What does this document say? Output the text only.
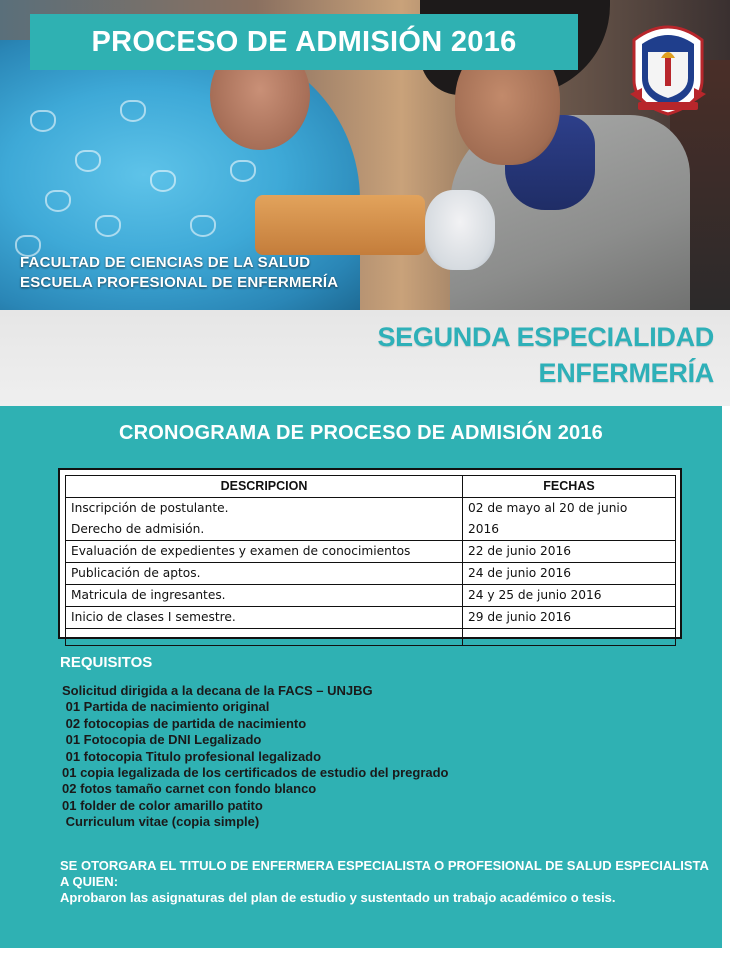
PROCESO DE ADMISIÓN 2016
FACULTAD DE CIENCIAS DE LA SALUD
ESCUELA PROFESIONAL DE ENFERMERÍA
SEGUNDA ESPECIALIDAD
ENFERMERÍA
CRONOGRAMA DE PROCESO DE ADMISIÓN 2016
DESCRIPCION	FECHAS
Inscripción de postulante.	02 de mayo al 20 de junio
Derecho de admisión.	2016
Evaluación de expedientes y examen de conocimientos	22 de junio 2016
Publicación de aptos.	24 de junio 2016
Matricula de ingresantes.	24 y 25 de junio 2016
Inicio de clases I semestre.	29 de junio 2016

REQUISITOS
Solicitud dirigida a la decana de la FACS – UNJBG
01 Partida de nacimiento original
02 fotocopias de partida de nacimiento
01 Fotocopia de DNI Legalizado
01 fotocopia Titulo profesional legalizado
01 copia legalizada de los certificados de estudio del pregrado
02 fotos tamaño carnet con fondo blanco
01 folder de color amarillo patito
Curriculum vitae (copia simple)

SE OTORGARA EL TITULO DE ENFERMERA ESPECIALISTA O PROFESIONAL DE SALUD ESPECIALISTA A QUIEN:

Aprobaron las asignaturas del plan de estudio y sustentado un trabajo académico o tesis.
